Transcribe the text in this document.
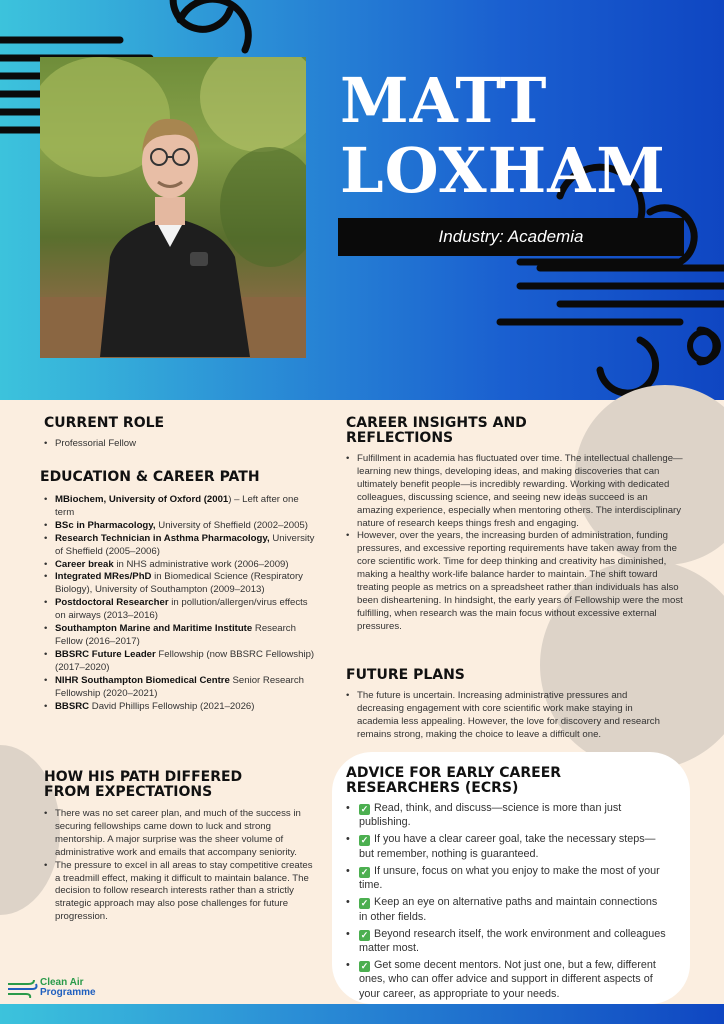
MATT
LOXHAM
Industry: Academia
CURRENT ROLE
• Professorial Fellow
EDUCATION & CAREER PATH
• MBiochem, University of Oxford (2001) – Left after one term
• BSc in Pharmacology, University of Sheffield (2002–2005)
• Research Technician in Asthma Pharmacology, University of Sheffield (2005–2006)
• Career break in NHS administrative work (2006–2009)
• Integrated MRes/PhD in Biomedical Science (Respiratory Biology), University of Southampton (2009–2013)
• Postdoctoral Researcher in pollution/allergen/virus effects on airways (2013–2016)
• Southampton Marine and Maritime Institute Research Fellow (2016–2017)
• BBSRC Future Leader Fellowship (now BBSRC Fellowship) (2017–2020)
• NIHR Southampton Biomedical Centre Senior Research Fellowship (2020–2021)
• BBSRC David Phillips Fellowship (2021–2026)
HOW HIS PATH DIFFERED
FROM EXPECTATIONS
• There was no set career plan, and much of the success in securing fellowships came down to luck and strong mentorship. A major surprise was the sheer volume of administrative work and emails that accompany seniority.
• The pressure to excel in all areas to stay competitive creates a treadmill effect, making it difficult to maintain balance. The decision to follow research interests rather than a strictly strategic approach may also pose challenges for future progression.
CAREER INSIGHTS AND
REFLECTIONS
• Fulfillment in academia has fluctuated over time. The intellectual challenge—learning new things, developing ideas, and making discoveries that can ultimately benefit people—is incredibly rewarding. Working with dedicated colleagues, discussing science, and seeing new ideas succeed is an amazing experience, especially when mentoring others. The interdisciplinary nature of research keeps things fresh and engaging.
• However, over the years, the increasing burden of administration, funding pressures, and excessive reporting requirements have taken away from the core scientific work. Time for deep thinking and creativity has diminished, making a healthy work-life balance harder to maintain. The shift toward treating people as metrics on a spreadsheet rather than individuals has also been disheartening. In hindsight, the early years of Fellowship were the most fulfilling, when research was the main focus without excessive external pressures.
FUTURE PLANS
• The future is uncertain. Increasing administrative pressures and decreasing engagement with core scientific work make staying in academia less appealing. However, the love for discovery and research remains strong, making the choice to leave a difficult one.
ADVICE FOR EARLY CAREER
RESEARCHERS (ECRS)
• ✓ Read, think, and discuss—science is more than just publishing.
• ✓ If you have a clear career goal, take the necessary steps—but remember, nothing is guaranteed.
• ✓ If unsure, focus on what you enjoy to make the most of your time.
• ✓ Keep an eye on alternative paths and maintain connections in other fields.
• ✓ Beyond research itself, the work environment and colleagues matter most.
• ✓ Get some decent mentors. Not just one, but a few, different ones, who can offer advice and support in different aspects of your career, as appropriate to your needs.
Clean Air
Programme
